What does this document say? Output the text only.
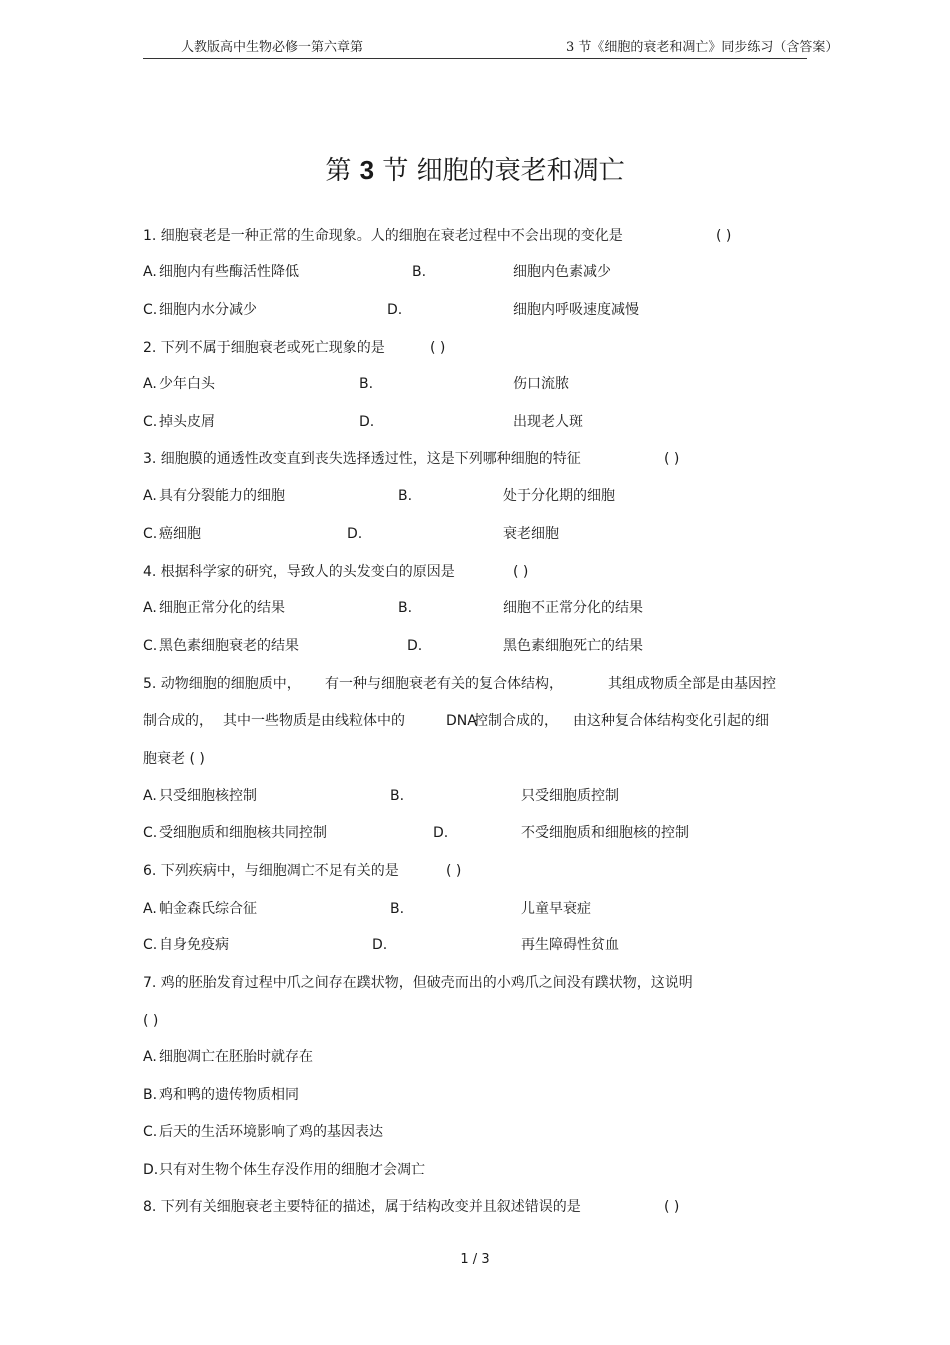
人教版高中生物必修一第六章第	3 节《细胞的衰老和凋亡》同步练习（含答案）
第 3 节 细胞的衰老和凋亡
1. 细胞衰老是一种正常的生命现象。人的细胞在衰老过程中不会出现的变化是	( )
A. 细胞内有些酶活性降低	B.	细胞内色素减少
C. 细胞内水分减少	D.	细胞内呼吸速度减慢
2. 下列不属于细胞衰老或死亡现象的是	( )
A. 少年白头	B.	伤口流脓
C. 掉头皮屑	D.	出现老人斑
3. 细胞膜的通透性改变直到丧失选择透过性，这是下列哪种细胞的特征	( )
A. 具有分裂能力的细胞	B.	处于分化期的细胞
C. 癌细胞	D.	衰老细胞
4. 根据科学家的研究，导致人的头发变白的原因是	( )
A. 细胞正常分化的结果	B.	细胞不正常分化的结果
C. 黑色素细胞衰老的结果	D.	黑色素细胞死亡的结果
5. 动物细胞的细胞质中， 有一种与细胞衰老有关的复合体结构，	其组成物质全部是由基因控
制合成的， 其中一些物质是由线粒体中的	DNA
控制合成的， 由这种复合体结构变化引起的细
胞衰老 ( )
A. 只受细胞核控制	B.	只受细胞质控制
C. 受细胞质和细胞核共同控制	D.	不受细胞质和细胞核的控制
6. 下列疾病中，与细胞凋亡不足有关的是	( )
A. 帕金森氏综合征	B.	儿童早衰症
C. 自身免疫病	D.	再生障碍性贫血
7. 鸡的胚胎发育过程中爪之间存在蹼状物，但破壳而出的小鸡爪之间没有蹼状物，这说明
( )
A. 细胞凋亡在胚胎时就存在
B. 鸡和鸭的遗传物质相同
C. 后天的生活环境影响了鸡的基因表达
D. 只有对生物个体生存没作用的细胞才会凋亡
8. 下列有关细胞衰老主要特征的描述，属于结构改变并且叙述错误的是	( )
1 / 3
